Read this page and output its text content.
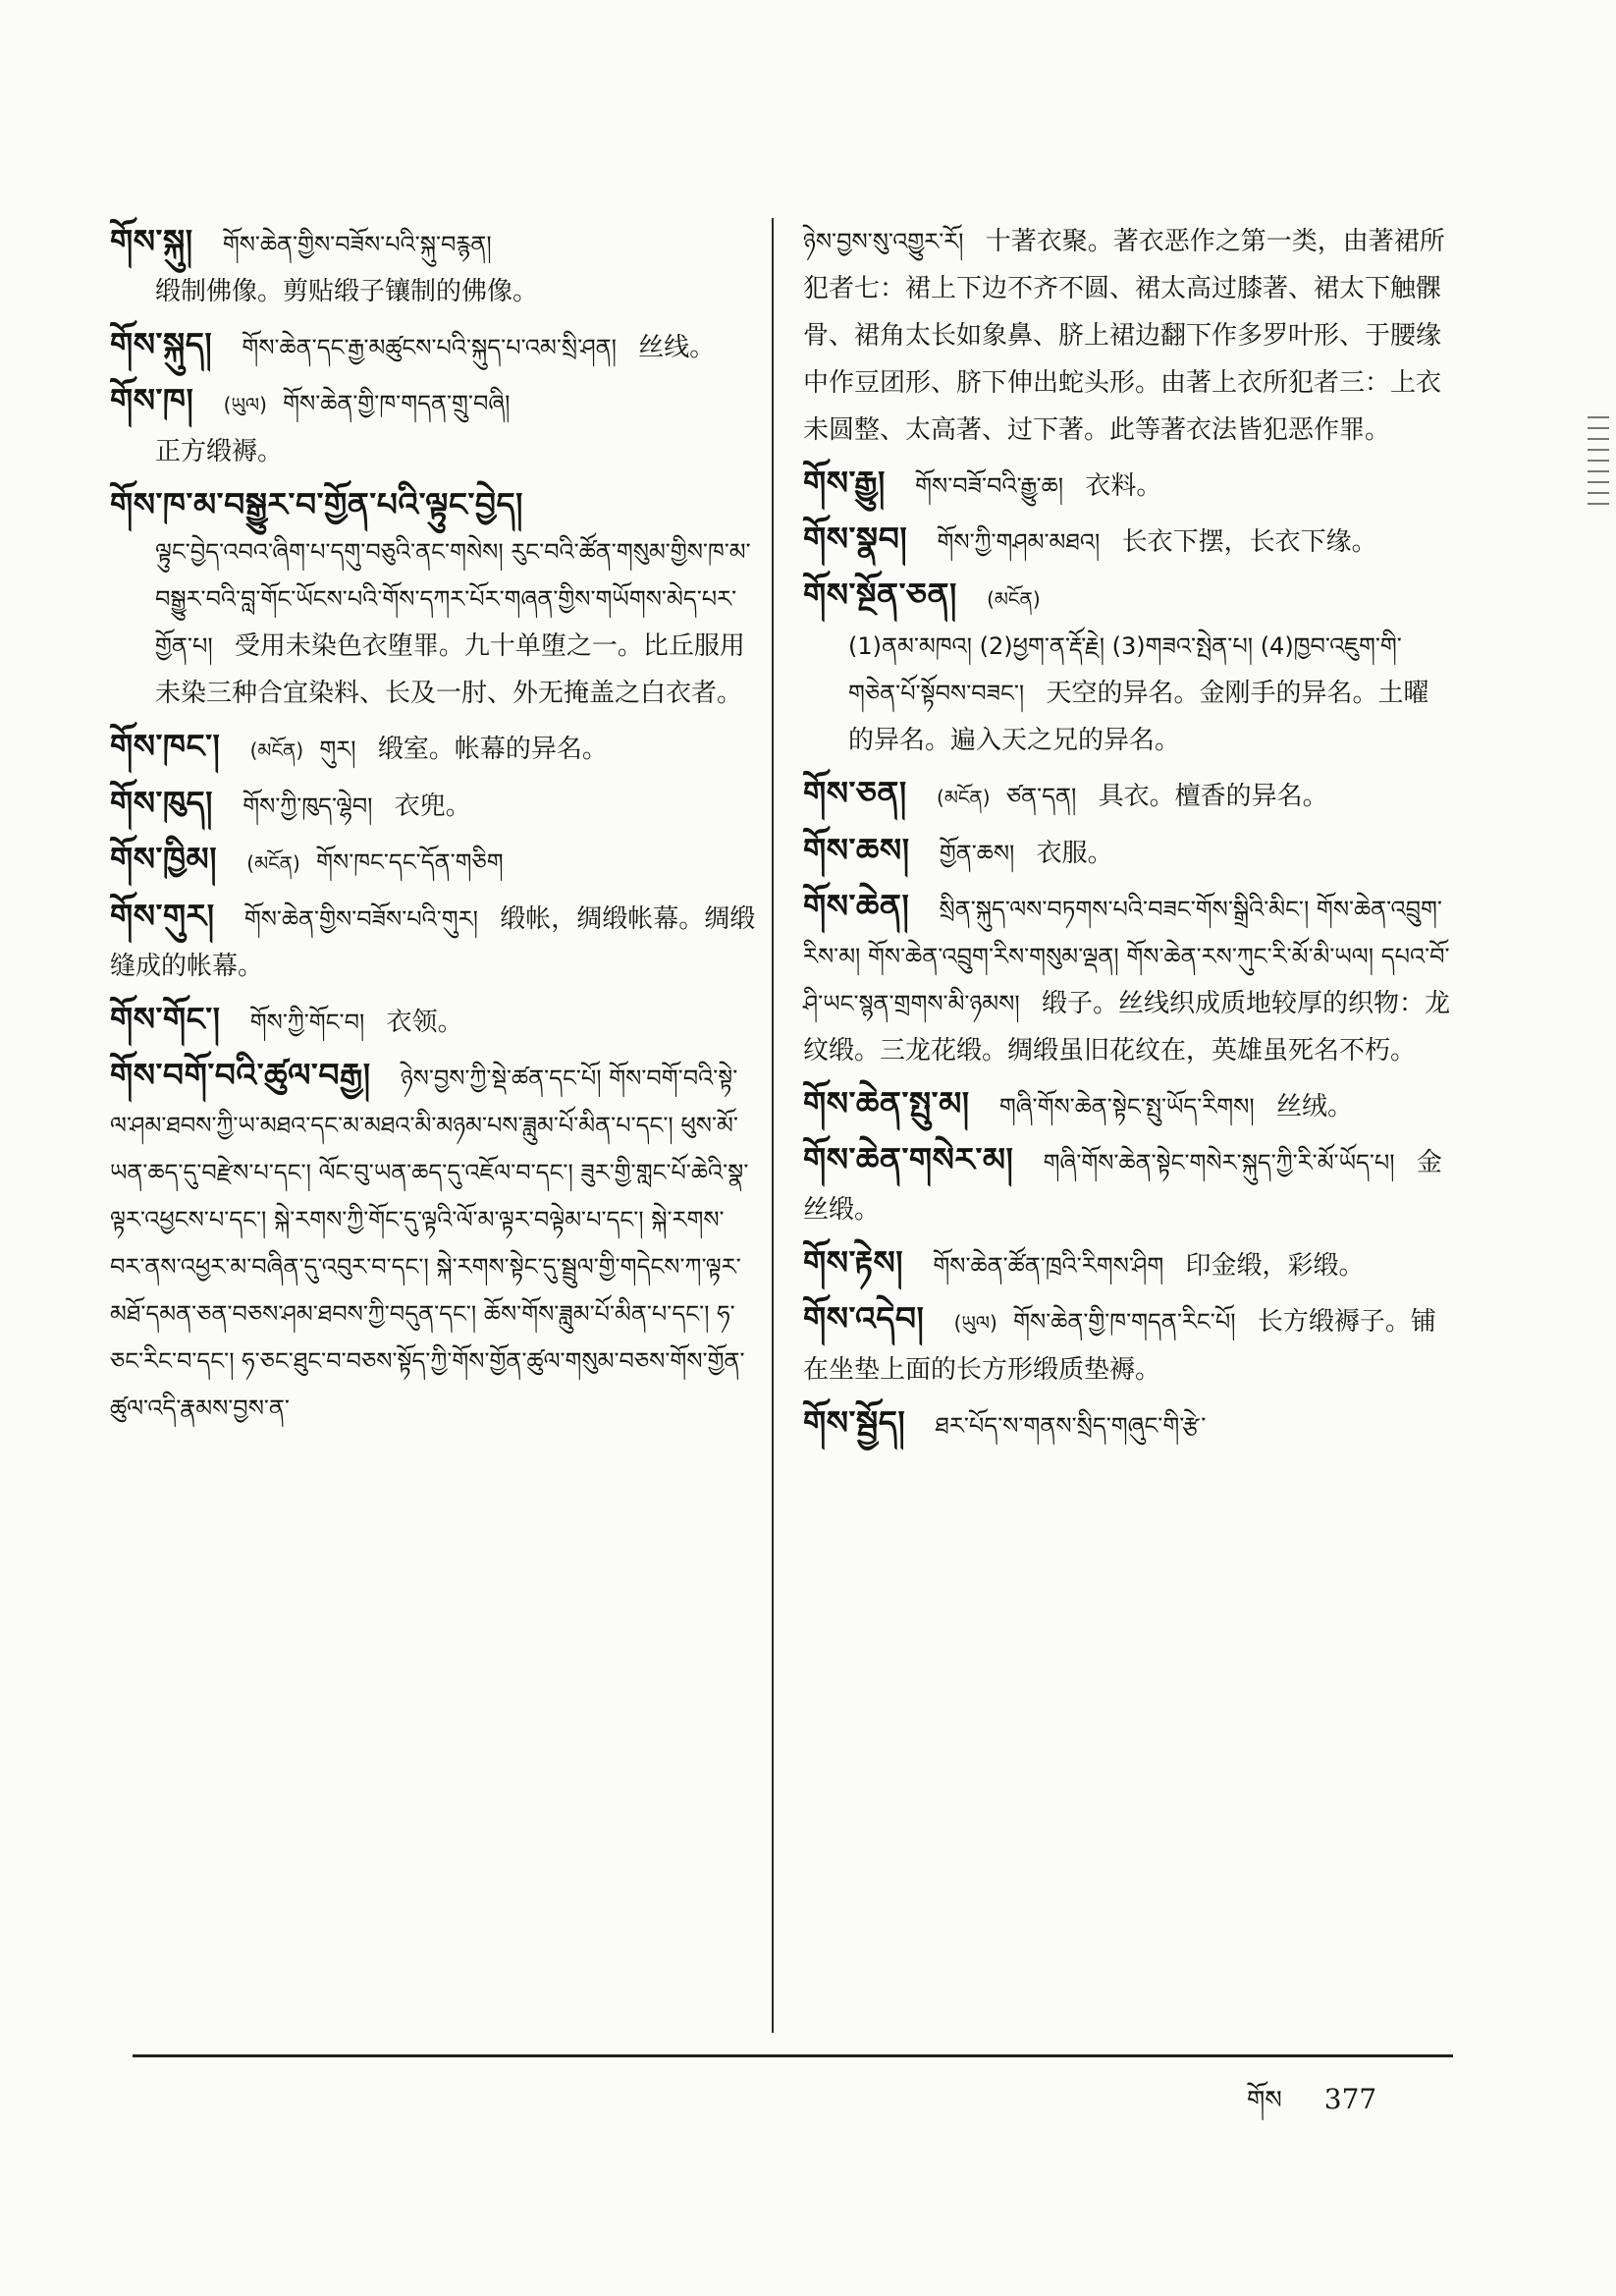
གོས་སྐུ། གོས་ཆེན་གྱིས་བཟོས་པའི་སྐུ་བརྙན།
缎制佛像。剪贴缎子镶制的佛像。
གོས་སྐུད། གོས་ཆེན་དང་རྒྱ་མཚུངས་པའི་སྐུད་པ་འམ་སྲི་ཤན། 丝线。
གོས་ཁ། (ཡུལ) གོས་ཆེན་གྱི་ཁ་གདན་གྲུ་བཞི།
正方缎褥。
གོས་ཁ་མ་བསྒྱུར་བ་གྱོན་པའི་ལྟུང་བྱེད།
ལྟུང་བྱེད་འབའ་ཞིག་པ་དགུ་བཅུའི་ནང་གསེས། རུང་བའི་ཚོན་གསུམ་གྱིས་ཁ་མ་བསྒྱུར་བའི་བླ་གོང་ཡོངས་པའི་གོས་དཀར་པོར་གཞན་གྱིས་གཡོགས་མེད་པར་གྱོན་པ། 受用未染色衣堕罪。九十单堕之一。比丘服用未染三种合宜染料、长及一肘、外无掩盖之白衣者。
གོས་ཁང་། (མངོན) གུར། 缎室。帐幕的异名。
གོས་ཁུད། གོས་ཀྱི་ཁུད་ལྷེབ། 衣兜。
གོས་ཁྱིམ། (མངོན) གོས་ཁང་དང་དོན་གཅིག
གོས་གུར། གོས་ཆེན་གྱིས་བཟོས་པའི་གུར། 缎帐，绸缎帐幕。绸缎缝成的帐幕。
གོས་གོང་། གོས་ཀྱི་གོང་བ། 衣领。
གོས་བགོ་བའི་ཚུལ་བརྒྱ། ཉེས་བྱས་ཀྱི་སྡེ་ཚན་དང་པོ། གོས་བགོ་བའི་སྟེ་ལ་ཤམ་ཐབས་ཀྱི་ཡ་མཐའ་དང་མ་མཐའ་མི་མཉམ་པས་ཟླུམ་པོ་མིན་པ་དང་། ཕུས་མོ་ཡན་ཆད་དུ་བརྫེས་པ་དང་། ལོང་བུ་ཡན་ཆད་དུ་འཇོལ་བ་དང་། ཟུར་གྱི་གླང་པོ་ཆེའི་སྣ་ལྟར་འཕྱངས་པ་དང་། སྐེ་རགས་ཀྱི་གོང་དུ་ལྟའི་ལོ་མ་ལྟར་བལྟེམ་པ་དང་། སྐེ་རགས་བར་ནས་འཕྱར་མ་བཞིན་དུ་འབུར་བ་དང་། སྐེ་རགས་སྟེང་དུ་སྦྲུལ་གྱི་གདེངས་ཀ་ལྟར་མཐོ་དམན་ཅན་བཅས་ཤམ་ཐབས་ཀྱི་བདུན་དང་། ཆོས་གོས་ཟླུམ་པོ་མིན་པ་དང་། ཧ་ཅང་རིང་བ་དང་། ཧ་ཅང་ཐུང་བ་བཅས་སྟོད་ཀྱི་གོས་གྱོན་ཚུལ་གསུམ་བཅས་གོས་གྱོན་ཚུལ་འདི་རྣམས་བྱས་ན་
ཉེས་བྱས་སུ་འགྱུར་རོ། 十著衣聚。著衣恶作之第一类，由著裙所犯者七：裙上下边不齐不圆、裙太高过膝著、裙太下触髁骨、裙角太长如象鼻、脐上裙边翻下作多罗叶形、于腰缘中作豆团形、脐下伸出蛇头形。由著上衣所犯者三：上衣未圆整、太高著、过下著。此等著衣法皆犯恶作罪。
གོས་རྒྱུ། གོས་བཟོ་བའི་རྒྱུ་ཆ། 衣料。
གོས་སྣབ། གོས་ཀྱི་གཤམ་མཐའ། 长衣下摆，长衣下缘。
གོས་སྔོན་ཅན། (མངོན)
(1)ནམ་མཁའ། (2)ཕྱག་ན་རྡོ་རྗེ། (3)གཟའ་སྤེན་པ། (4)ཁྱབ་འཇུག་གི་གཅེན་པོ་སྟོབས་བཟང་། 天空的异名。金刚手的异名。土曜的异名。遍入天之兄的异名。
གོས་ཅན། (མངོན) ཙན་དན། 具衣。檀香的异名。
གོས་ཆས། གྱོན་ཆས། 衣服。
གོས་ཆེན། སྲིན་སྐུད་ལས་བཏགས་པའི་བཟང་གོས་སྒྲིའི་མིང་། གོས་ཆེན་འབྲུག་རིས་མ། གོས་ཆེན་འབྲུག་རིས་གསུམ་ལྡན། གོས་ཆེན་རས་ཀུང་རི་མོ་མི་ཡལ། དཔའ་བོ་ཤི་ཡང་སྙན་གྲགས་མི་ཉམས། 缎子。丝线织成质地较厚的织物：龙纹缎。三龙花缎。绸缎虽旧花纹在，英雄虽死名不朽。
གོས་ཆེན་སྤུ་མ། གཞི་གོས་ཆེན་སྟེང་སྤུ་ཡོད་རིགས། 丝绒。
གོས་ཆེན་གསེར་མ། གཞི་གོས་ཆེན་སྟེང་གསེར་སྐུད་ཀྱི་རི་མོ་ཡོད་པ། 金丝缎。
གོས་རྟེས། གོས་ཆེན་ཚོན་ཁྲའི་རིགས་ཤིག 印金缎，彩缎。
གོས་འདེབ། (ཡུལ) གོས་ཆེན་གྱི་ཁ་གདན་རིང་པོ། 长方缎褥子。铺在坐垫上面的长方形缎质垫褥。
གོས་སྦྱོད། ཐར་པོད་ས་གནས་སྲིད་གཞུང་གི་རྩེ་
གོས 377
